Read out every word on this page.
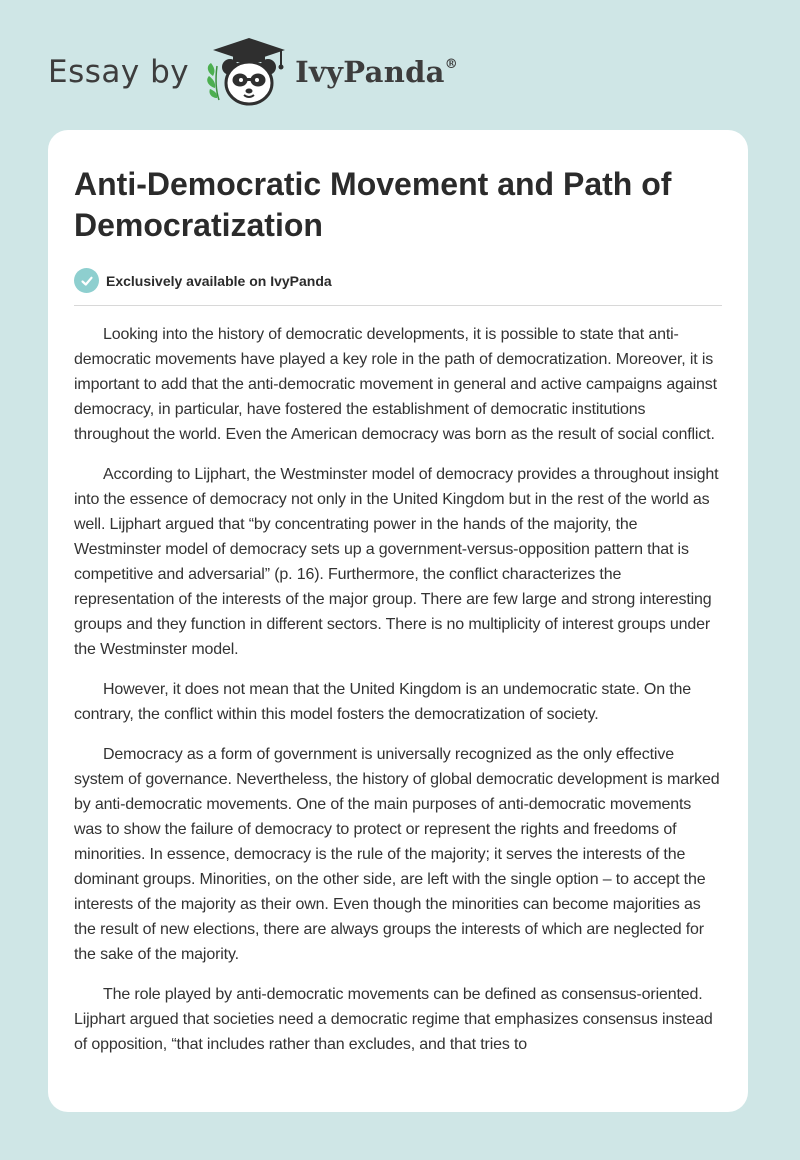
Essay by	IvyPanda®
Anti-Democratic Movement and Path of Democratization
Exclusively available on IvyPanda

Looking into the history of democratic developments, it is possible to state that anti-democratic movements have played a key role in the path of democratization. Moreover, it is important to add that the anti-democratic movement in general and active campaigns against democracy, in particular, have fostered the establishment of democratic institutions throughout the world. Even the American democracy was born as the result of social conflict.

According to Lijphart, the Westminster model of democracy provides a throughout insight into the essence of democracy not only in the United Kingdom but in the rest of the world as well. Lijphart argued that “by concentrating power in the hands of the majority, the Westminster model of democracy sets up a government-versus-opposition pattern that is competitive and adversarial” (p. 16). Furthermore, the conflict characterizes the representation of the interests of the major group. There are few large and strong interesting groups and they function in different sectors. There is no multiplicity of interest groups under the Westminster model.

However, it does not mean that the United Kingdom is an undemocratic state. On the contrary, the conflict within this model fosters the democratization of society.

Democracy as a form of government is universally recognized as the only effective system of governance. Nevertheless, the history of global democratic development is marked by anti-democratic movements. One of the main purposes of anti-democratic movements was to show the failure of democracy to protect or represent the rights and freedoms of minorities. In essence, democracy is the rule of the majority; it serves the interests of the dominant groups. Minorities, on the other side, are left with the single option – to accept the interests of the majority as their own. Even though the minorities can become majorities as the result of new elections, there are always groups the interests of which are neglected for the sake of the majority.

The role played by anti-democratic movements can be defined as consensus-oriented. Lijphart argued that societies need a democratic regime that emphasizes consensus instead of opposition, “that includes rather than excludes, and that tries to
